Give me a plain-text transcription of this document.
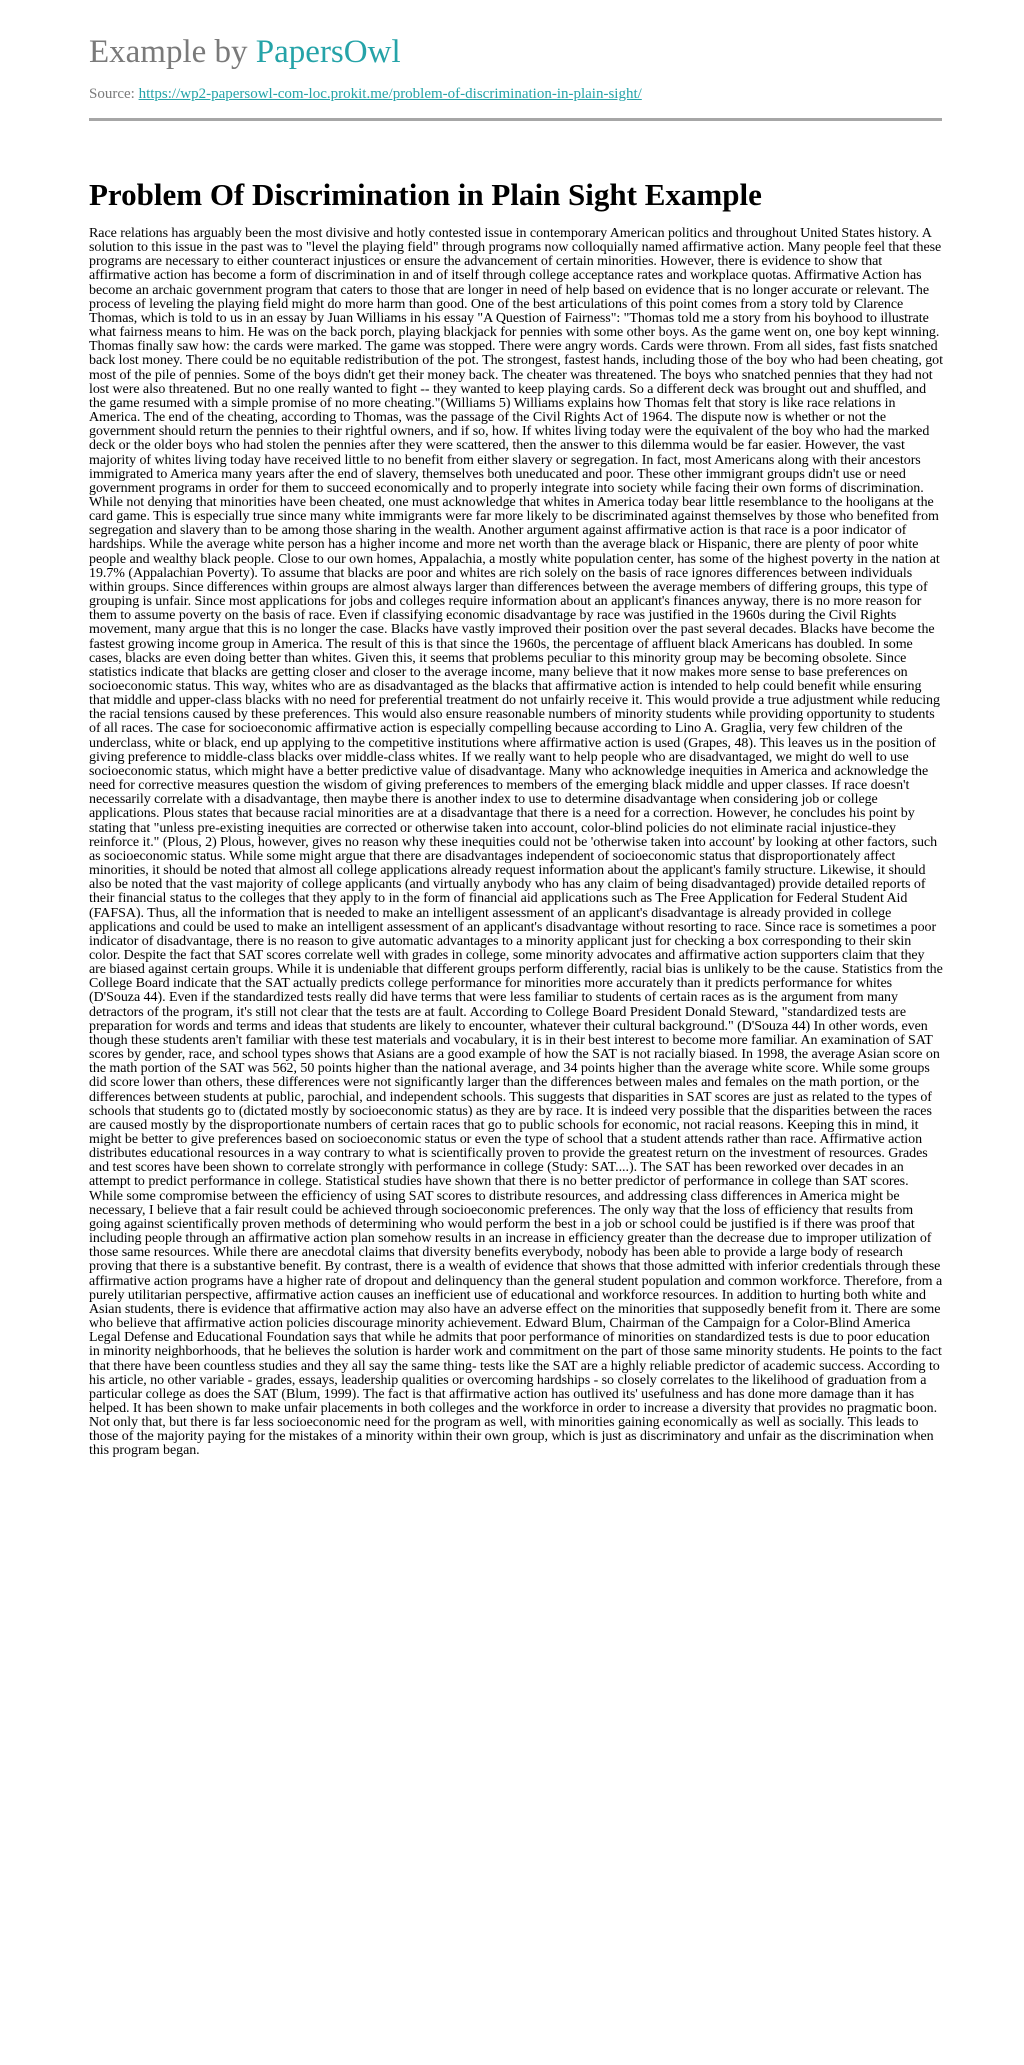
Example by PapersOwl
Source: https://wp2-papersowl-com-loc.prokit.me/problem-of-discrimination-in-plain-sight/
Problem Of Discrimination in Plain Sight Example

Race relations has arguably been the most divisive and hotly contested issue in contemporary American politics and throughout United States history. A solution to this issue in the past was to "level the playing field" through programs now colloquially named affirmative action. Many people feel that these programs are necessary to either counteract injustices or ensure the advancement of certain minorities. However, there is evidence to show that affirmative action has become a form of discrimination in and of itself through college acceptance rates and workplace quotas. Affirmative Action has become an archaic government program that caters to those that are longer in need of help based on evidence that is no longer accurate or relevant. The process of leveling the playing field might do more harm than good. One of the best articulations of this point comes from a story told by Clarence Thomas, which is told to us in an essay by Juan Williams in his essay "A Question of Fairness": "Thomas told me a story from his boyhood to illustrate what fairness means to him. He was on the back porch, playing blackjack for pennies with some other boys. As the game went on, one boy kept winning. Thomas finally saw how: the cards were marked. The game was stopped. There were angry words. Cards were thrown. From all sides, fast fists snatched back lost money. There could be no equitable redistribution of the pot. The strongest, fastest hands, including those of the boy who had been cheating, got most of the pile of pennies. Some of the boys didn't get their money back. The cheater was threatened. The boys who snatched pennies that they had not lost were also threatened. But no one really wanted to fight -- they wanted to keep playing cards. So a different deck was brought out and shuffled, and the game resumed with a simple promise of no more cheating."(Williams 5) Williams explains how Thomas felt that story is like race relations in America. The end of the cheating, according to Thomas, was the passage of the Civil Rights Act of 1964. The dispute now is whether or not the government should return the pennies to their rightful owners, and if so, how. If whites living today were the equivalent of the boy who had the marked deck or the older boys who had stolen the pennies after they were scattered, then the answer to this dilemma would be far easier. However, the vast majority of whites living today have received little to no benefit from either slavery or segregation. In fact, most Americans along with their ancestors immigrated to America many years after the end of slavery, themselves both uneducated and poor. These other immigrant groups didn't use or need government programs in order for them to succeed economically and to properly integrate into society while facing their own forms of discrimination. While not denying that minorities have been cheated, one must acknowledge that whites in America today bear little resemblance to the hooligans at the card game. This is especially true since many white immigrants were far more likely to be discriminated against themselves by those who benefited from segregation and slavery than to be among those sharing in the wealth. Another argument against affirmative action is that race is a poor indicator of hardships. While the average white person has a higher income and more net worth than the average black or Hispanic, there are plenty of poor white people and wealthy black people. Close to our own homes, Appalachia, a mostly white population center, has some of the highest poverty in the nation at 19.7% (Appalachian Poverty). To assume that blacks are poor and whites are rich solely on the basis of race ignores differences between individuals within groups. Since differences within groups are almost always larger than differences between the average members of differing groups, this type of grouping is unfair. Since most applications for jobs and colleges require information about an applicant's finances anyway, there is no more reason for them to assume poverty on the basis of race. Even if classifying economic disadvantage by race was justified in the 1960s during the Civil Rights movement, many argue that this is no longer the case. Blacks have vastly improved their position over the past several decades. Blacks have become the fastest growing income group in America. The result of this is that since the 1960s, the percentage of affluent black Americans has doubled. In some cases, blacks are even doing better than whites. Given this, it seems that problems peculiar to this minority group may be becoming obsolete. Since statistics indicate that blacks are getting closer and closer to the average income, many believe that it now makes more sense to base preferences on socioeconomic status. This way, whites who are as disadvantaged as the blacks that affirmative action is intended to help could benefit while ensuring that middle and upper-class blacks with no need for preferential treatment do not unfairly receive it. This would provide a true adjustment while reducing the racial tensions caused by these preferences. This would also ensure reasonable numbers of minority students while providing opportunity to students of all races. The case for socioeconomic affirmative action is especially compelling because according to Lino A. Graglia, very few children of the underclass, white or black, end up applying to the competitive institutions where affirmative action is used (Grapes, 48). This leaves us in the position of giving preference to middle-class blacks over middle-class whites. If we really want to help people who are disadvantaged, we might do well to use socioeconomic status, which might have a better predictive value of disadvantage. Many who acknowledge inequities in America and acknowledge the need for corrective measures question the wisdom of giving preferences to members of the emerging black middle and upper classes. If race doesn't necessarily correlate with a disadvantage, then maybe there is another index to use to determine disadvantage when considering job or college applications. Plous states that because racial minorities are at a disadvantage that there is a need for a correction. However, he concludes his point by stating that "unless pre-existing inequities are corrected or otherwise taken into account, color-blind policies do not eliminate racial injustice-they reinforce it." (Plous, 2) Plous, however, gives no reason why these inequities could not be 'otherwise taken into account' by looking at other factors, such as socioeconomic status. While some might argue that there are disadvantages independent of socioeconomic status that disproportionately affect minorities, it should be noted that almost all college applications already request information about the applicant's family structure. Likewise, it should also be noted that the vast majority of college applicants (and virtually anybody who has any claim of being disadvantaged) provide detailed reports of their financial status to the colleges that they apply to in the form of financial aid applications such as The Free Application for Federal Student Aid (FAFSA). Thus, all the information that is needed to make an intelligent assessment of an applicant's disadvantage is already provided in college applications and could be used to make an intelligent assessment of an applicant's disadvantage without resorting to race. Since race is sometimes a poor indicator of disadvantage, there is no reason to give automatic advantages to a minority applicant just for checking a box corresponding to their skin color. Despite the fact that SAT scores correlate well with grades in college, some minority advocates and affirmative action supporters claim that they are biased against certain groups. While it is undeniable that different groups perform differently, racial bias is unlikely to be the cause. Statistics from the College Board indicate that the SAT actually predicts college performance for minorities more accurately than it predicts performance for whites (D'Souza 44). Even if the standardized tests really did have terms that were less familiar to students of certain races as is the argument from many detractors of the program, it's still not clear that the tests are at fault. According to College Board President Donald Steward, "standardized tests are preparation for words and terms and ideas that students are likely to encounter, whatever their cultural background." (D'Souza 44) In other words, even though these students aren't familiar with these test materials and vocabulary, it is in their best interest to become more familiar. An examination of SAT scores by gender, race, and school types shows that Asians are a good example of how the SAT is not racially biased. In 1998, the average Asian score on the math portion of the SAT was 562, 50 points higher than the national average, and 34 points higher than the average white score. While some groups did score lower than others, these differences were not significantly larger than the differences between males and females on the math portion, or the differences between students at public, parochial, and independent schools. This suggests that disparities in SAT scores are just as related to the types of schools that students go to (dictated mostly by socioeconomic status) as they are by race. It is indeed very possible that the disparities between the races are caused mostly by the disproportionate numbers of certain races that go to public schools for economic, not racial reasons. Keeping this in mind, it might be better to give preferences based on socioeconomic status or even the type of school that a student attends rather than race. Affirmative action distributes educational resources in a way contrary to what is scientifically proven to provide the greatest return on the investment of resources. Grades and test scores have been shown to correlate strongly with performance in college (Study: SAT....). The SAT has been reworked over decades in an attempt to predict performance in college. Statistical studies have shown that there is no better predictor of performance in college than SAT scores. While some compromise between the efficiency of using SAT scores to distribute resources, and addressing class differences in America might be necessary, I believe that a fair result could be achieved through socioeconomic preferences. The only way that the loss of efficiency that results from going against scientifically proven methods of determining who would perform the best in a job or school could be justified is if there was proof that including people through an affirmative action plan somehow results in an increase in efficiency greater than the decrease due to improper utilization of those same resources. While there are anecdotal claims that diversity benefits everybody, nobody has been able to provide a large body of research proving that there is a substantive benefit. By contrast, there is a wealth of evidence that shows that those admitted with inferior credentials through these affirmative action programs have a higher rate of dropout and delinquency than the general student population and common workforce. Therefore, from a purely utilitarian perspective, affirmative action causes an inefficient use of educational and workforce resources. In addition to hurting both white and Asian students, there is evidence that affirmative action may also have an adverse effect on the minorities that supposedly benefit from it. There are some who believe that affirmative action policies discourage minority achievement. Edward Blum, Chairman of the Campaign for a Color-Blind America Legal Defense and Educational Foundation says that while he admits that poor performance of minorities on standardized tests is due to poor education in minority neighborhoods, that he believes the solution is harder work and commitment on the part of those same minority students. He points to the fact that there have been countless studies and they all say the same thing- tests like the SAT are a highly reliable predictor of academic success. According to his article, no other variable - grades, essays, leadership qualities or overcoming hardships - so closely correlates to the likelihood of graduation from a particular college as does the SAT (Blum, 1999). The fact is that affirmative action has outlived its' usefulness and has done more damage than it has helped. It has been shown to make unfair placements in both colleges and the workforce in order to increase a diversity that provides no pragmatic boon. Not only that, but there is far less socioeconomic need for the program as well, with minorities gaining economically as well as socially. This leads to those of the majority paying for the mistakes of a minority within their own group, which is just as discriminatory and unfair as the discrimination when this program began.
